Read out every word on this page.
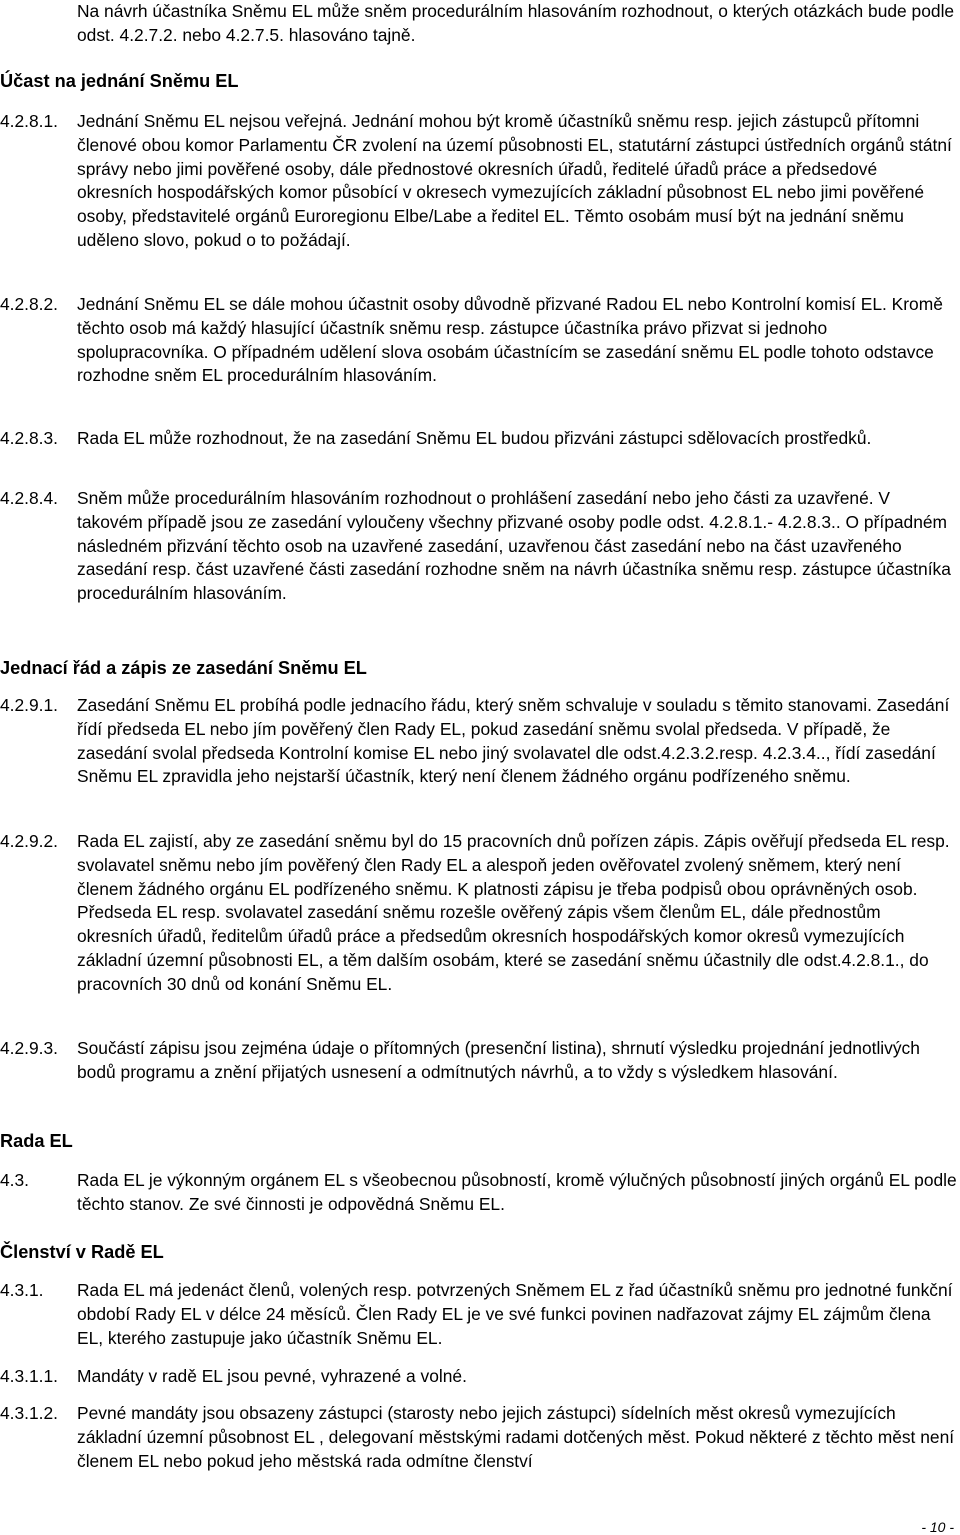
Na návrh účastníka Sněmu EL může sněm procedurálním hlasováním rozhodnout, o kterých otázkách bude podle odst. 4.2.7.2. nebo 4.2.7.5. hlasováno tajně.

Účast na jednání Sněmu EL
4.2.8.1. Jednání Sněmu EL nejsou veřejná. Jednání mohou být kromě účastníků sněmu resp. jejich zástupců přítomni členové obou komor Parlamentu ČR zvolení na území působnosti EL, statutární zástupci ústředních orgánů státní správy nebo jimi pověřené osoby, dále přednostové okresních úřadů, ředitelé úřadů práce a předsedové okresních hospodářských komor působící v okresech vymezujících základní působnost EL nebo jimi pověřené osoby, představitelé orgánů Euroregionu Elbe/Labe a ředitel EL. Těmto osobám musí být na jednání sněmu uděleno slovo, pokud o to požádají.

4.2.8.2. Jednání Sněmu EL se dále mohou účastnit osoby důvodně přizvané Radou EL nebo Kontrolní komisí EL. Kromě těchto osob má každý hlasující účastník sněmu resp. zástupce účastníka právo přizvat si jednoho spolupracovníka. O případném udělení slova osobám účastnícím se zasedání sněmu EL podle tohoto odstavce rozhodne sněm EL procedurálním hlasováním.

4.2.8.3. Rada EL může rozhodnout, že na zasedání Sněmu EL budou přizváni zástupci sdělovacích prostředků.

4.2.8.4. Sněm může procedurálním hlasováním rozhodnout o prohlášení zasedání nebo jeho části za uzavřené. V takovém případě jsou ze zasedání vyloučeny všechny přizvané osoby podle odst. 4.2.8.1.- 4.2.8.3.. O případném následném přizvání těchto osob na uzavřené zasedání, uzavřenou část zasedání nebo na část uzavřeného zasedání resp. část uzavřené části zasedání rozhodne sněm na návrh účastníka sněmu resp. zástupce účastníka procedurálním hlasováním.

Jednací řád a zápis ze zasedání Sněmu EL
4.2.9.1. Zasedání Sněmu EL probíhá podle jednacího řádu, který sněm schvaluje v souladu s těmito stanovami. Zasedání řídí předseda EL nebo jím pověřený člen Rady EL, pokud zasedání sněmu svolal předseda. V případě, že zasedání svolal předseda Kontrolní komise EL nebo jiný svolavatel dle odst.4.2.3.2.resp. 4.2.3.4.., řídí zasedání Sněmu EL zpravidla jeho nejstarší účastník, který není členem žádného orgánu podřízeného sněmu.

4.2.9.2. Rada EL zajistí, aby ze zasedání sněmu byl do 15 pracovních dnů pořízen zápis. Zápis ověřují předseda EL resp. svolavatel sněmu nebo jím pověřený člen Rady EL a alespoň jeden ověřovatel zvolený sněmem, který není členem žádného orgánu EL podřízeného sněmu. K platnosti zápisu je třeba podpisů obou oprávněných osob. Předseda EL resp. svolavatel zasedání sněmu rozešle ověřený zápis všem členům EL, dále přednostům okresních úřadů, ředitelům úřadů práce a předsedům okresních hospodářských komor okresů vymezujících základní územní působnosti EL, a těm dalším osobám, které se zasedání sněmu účastnily dle odst.4.2.8.1., do pracovních 30 dnů od konání Sněmu EL.

4.2.9.3. Součástí zápisu jsou zejména údaje o přítomných (presenční listina), shrnutí výsledku projednání jednotlivých bodů programu a znění přijatých usnesení a odmítnutých návrhů, a to vždy s výsledkem hlasování.

Rada EL
4.3.	Rada EL je výkonným orgánem EL s všeobecnou působností, kromě výlučných působností jiných orgánů EL podle těchto stanov. Ze své činnosti je odpovědná Sněmu EL.

Členství v Radě EL
4.3.1. Rada EL má jedenáct členů, volených resp. potvrzených Sněmem EL z řad účastníků sněmu pro jednotné funkční období Rady EL v délce 24 měsíců. Člen Rady EL je ve své funkci povinen nadřazovat zájmy EL zájmům člena EL, kterého zastupuje jako účastník Sněmu EL.

4.3.1.1. Mandáty v radě EL jsou pevné, vyhrazené a volné.

4.3.1.2. Pevné mandáty jsou obsazeny zástupci (starosty nebo jejich zástupci) sídelních měst okresů vymezujících základní územní působnost EL , delegovaní městskými radami dotčených měst. Pokud některé z těchto měst není členem EL nebo pokud jeho městská rada odmítne členství

- 10 -
